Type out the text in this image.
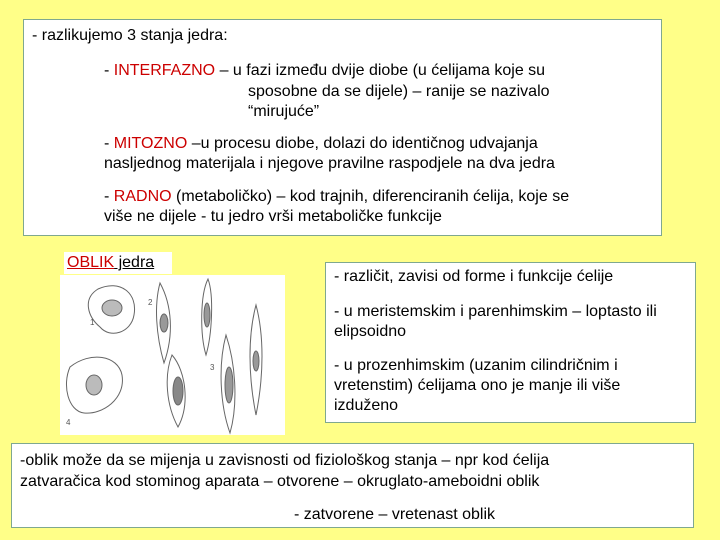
- razlikujemo 3 stanja jedra:
- INTERFAZNO – u fazi između dvije diobe (u ćelijama koje su
sposobne da se dijele) – ranije se nazivalo
“mirujuće”
- MITOZNO –u procesu diobe, dolazi do identičnog udvajanja
nasljednog materijala i njegove pravilne raspodjele na dva jedra
- RADNO (metaboličko) – kod trajnih, diferenciranih ćelija, koje se
više ne dijele - tu jedro vrši metaboličke funkcije
OBLIK jedra
1
2
3
4
- različit, zavisi od forme i funkcije ćelije
- u meristemskim i parenhimskim – loptasto ili
elipsoidno
- u prozenhimskim (uzanim cilindričnim i
vretenstim) ćelijama ono je manje ili više
izduženo
-oblik može da se mijenja u zavisnosti od fiziološkog stanja – npr kod ćelija
zatvaračica kod stominog aparata – otvorene – okruglato-ameboidni oblik
- zatvorene – vretenast oblik
